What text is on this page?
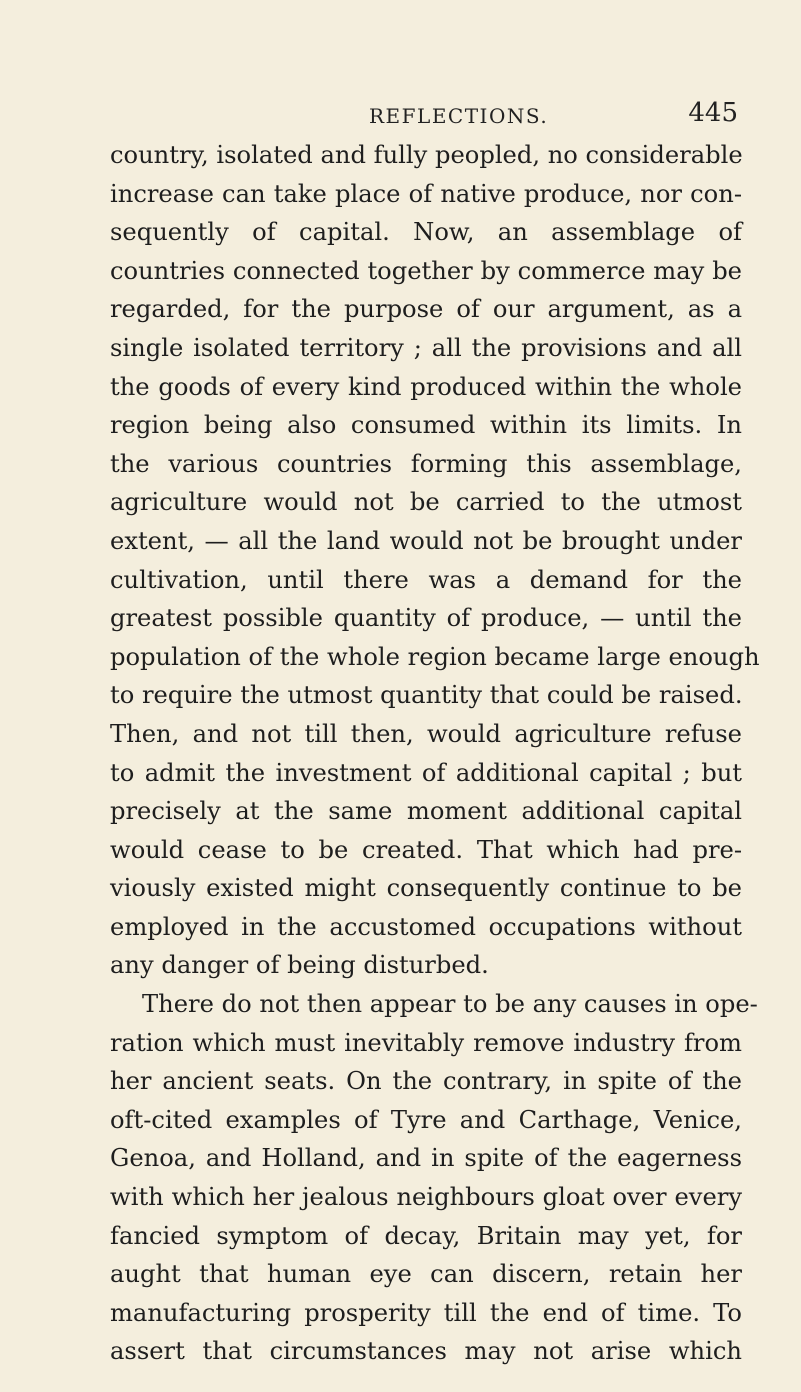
REFLECTIONS.	445
country, isolated and fully peopled, no considerable
increase can take place of native produce, nor con-
sequently of capital. Now, an assemblage of
countries connected together by commerce may be
regarded, for the purpose of our argument, as a
single isolated territory ; all the provisions and all
the goods of every kind produced within the whole
region being also consumed within its limits. In
the various countries forming this assemblage,
agriculture would not be carried to the utmost
extent, — all the land would not be brought under
cultivation, until there was a demand for the
greatest possible quantity of produce, — until the
population of the whole region became large enough
to require the utmost quantity that could be raised.
Then, and not till then, would agriculture refuse
to admit the investment of additional capital ; but
precisely at the same moment additional capital
would cease to be created. That which had pre-
viously existed might consequently continue to be
employed in the accustomed occupations without
any danger of being disturbed.
There do not then appear to be any causes in ope-
ration which must inevitably remove industry from
her ancient seats. On the contrary, in spite of the
oft-cited examples of Tyre and Carthage, Venice,
Genoa, and Holland, and in spite of the eagerness
with which her jealous neighbours gloat over every
fancied symptom of decay, Britain may yet, for
aught that human eye can discern, retain her
manufacturing prosperity till the end of time. To
assert that circumstances may not arise which
